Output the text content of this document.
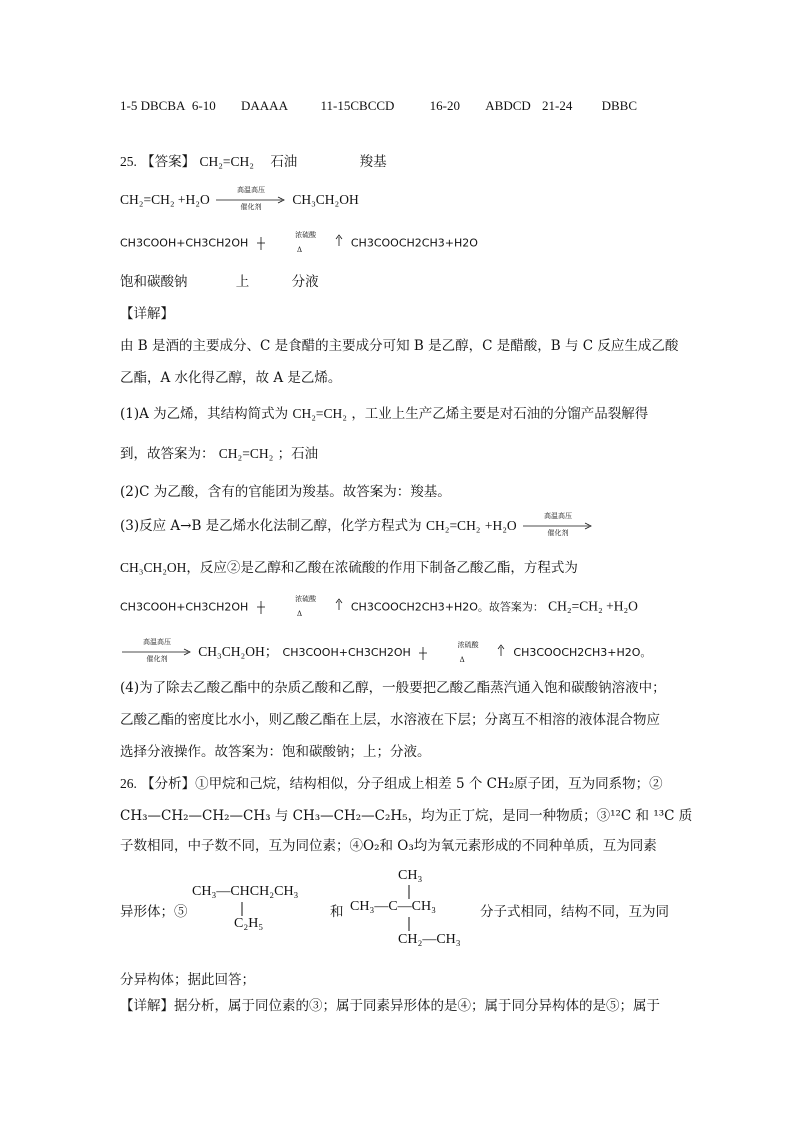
1-5 DBCBA 6-10 DAAAA	11-15CBCCD	16-20 ABDCD 21-24 DBBC
25. 【答案】 CH₂=CH₂ 石油	羧基
CH₂=CH₂ +H₂O
高温高压
催化剂	CH₃CH₂OH
CH3COOH+CH3CH2OH
浓硫酸
Δ
CH3COOCH2CH3+H2O
饱和碳酸钠	上	分液
【详解】
由 B 是酒的主要成分、C 是食醋的主要成分可知 B 是乙醇，C 是醋酸，B 与 C 反应生成乙酸
乙酯，A 水化得乙醇，故 A 是乙烯。
(1)A 为乙烯，其结构简式为 CH₂=CH₂ ，工业上生产乙烯主要是对石油的分馏产品裂解得
到，故答案为： CH₂=CH₂ ；石油
(2)C 为乙酸，含有的官能团为羧基。故答案为：羧基。
(3)反应 A→B 是乙烯水化法制乙醇，化学方程式为 CH₂=CH₂ +H₂O
高温高压
催化剂
CH₃CH₂OH，反应②是乙醇和乙酸在浓硫酸的作用下制备乙酸乙酯，方程式为
CH3COOH+CH3CH2OH
浓硫酸
Δ
CH3COOCH2CH3+H2O。故答案为： CH₂=CH₂ +H₂O
高温高压
催化剂	CH₃CH₂OH； CH3COOH+CH3CH2OH
浓硫酸
Δ
CH3COOCH2CH3+H2O。
(4)为了除去乙酸乙酯中的杂质乙酸和乙醇，一般要把乙酸乙酯蒸汽通入饱和碳酸钠溶液中；
乙酸乙酯的密度比水小，则乙酸乙酯在上层，水溶液在下层；分离互不相溶的液体混合物应
选择分液操作。故答案为：饱和碳酸钠；上；分液。
26. 【分析】①甲烷和己烷，结构相似，分子组成上相差 5 个 CH₂原子团，互为同系物；②
CH₃—CH₂—CH₂—CH₃ 与 CH₃—CH₂—C₂H₅，均为正丁烷，是同一种物质；③¹²C 和 ¹³C 质
子数相同，中子数不同，互为同位素；④O₂和 O₃均为氧元素形成的不同种单质，互为同素
异形体；⑤
CH₃—CHCH₂CH₃
C₂H₅
和
CH₃
CH₃—C—CH₃
CH₂—CH₃
分子式相同，结构不同，互为同
分异构体；据此回答；
【详解】据分析，属于同位素的③；属于同素异形体的是④；属于同分异构体的是⑤；属于
